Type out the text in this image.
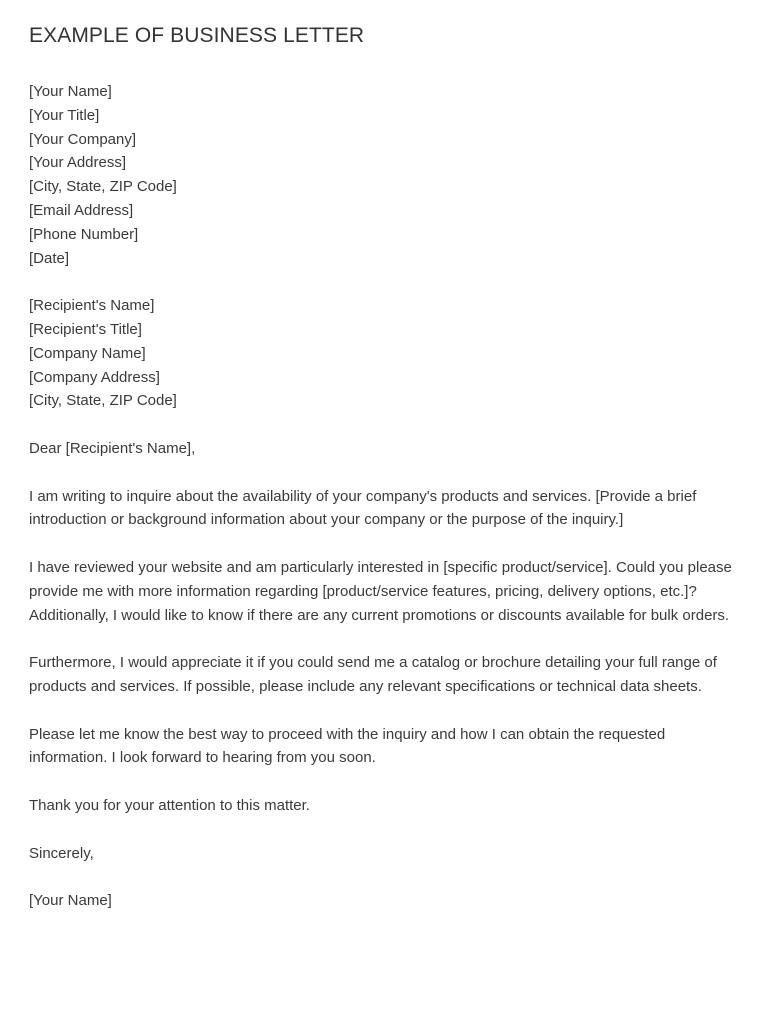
EXAMPLE OF BUSINESS LETTER
[Your Name]
[Your Title]
[Your Company]
[Your Address]
[City, State, ZIP Code]
[Email Address]
[Phone Number]
[Date]
[Recipient's Name]
[Recipient's Title]
[Company Name]
[Company Address]
[City, State, ZIP Code]

Dear [Recipient's Name],

I am writing to inquire about the availability of your company's products and services. [Provide a brief introduction or background information about your company or the purpose of the inquiry.]

I have reviewed your website and am particularly interested in [specific product/service]. Could you please provide me with more information regarding [product/service features, pricing, delivery options, etc.]? Additionally, I would like to know if there are any current promotions or discounts available for bulk orders.

Furthermore, I would appreciate it if you could send me a catalog or brochure detailing your full range of products and services. If possible, please include any relevant specifications or technical data sheets.

Please let me know the best way to proceed with the inquiry and how I can obtain the requested information. I look forward to hearing from you soon.

Thank you for your attention to this matter.

Sincerely,

[Your Name]
